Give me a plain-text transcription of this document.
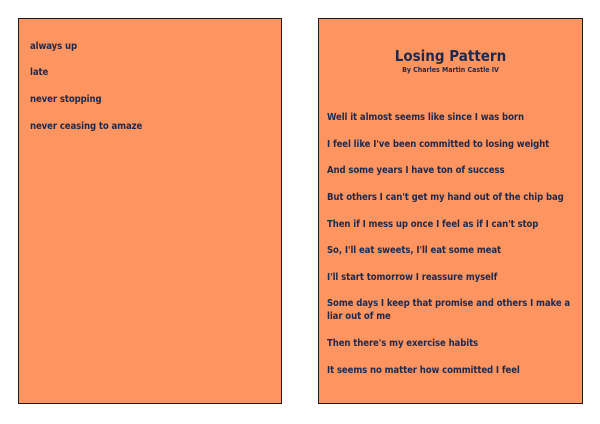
always up
late
never stopping
never ceasing to amaze
Losing Pattern
By Charles Martin Castle IV
Well it almost seems like since I was born
I feel like I've been committed to losing weight
And some years I have ton of success
But others I can't get my hand out of the chip bag
Then if I mess up once I feel as if I can't stop
So, I'll eat sweets, I'll eat some meat
I'll start tomorrow I reassure myself
Some days I keep that promise and others I make a liar out of me
Then there's my exercise habits
It seems no matter how committed I feel
